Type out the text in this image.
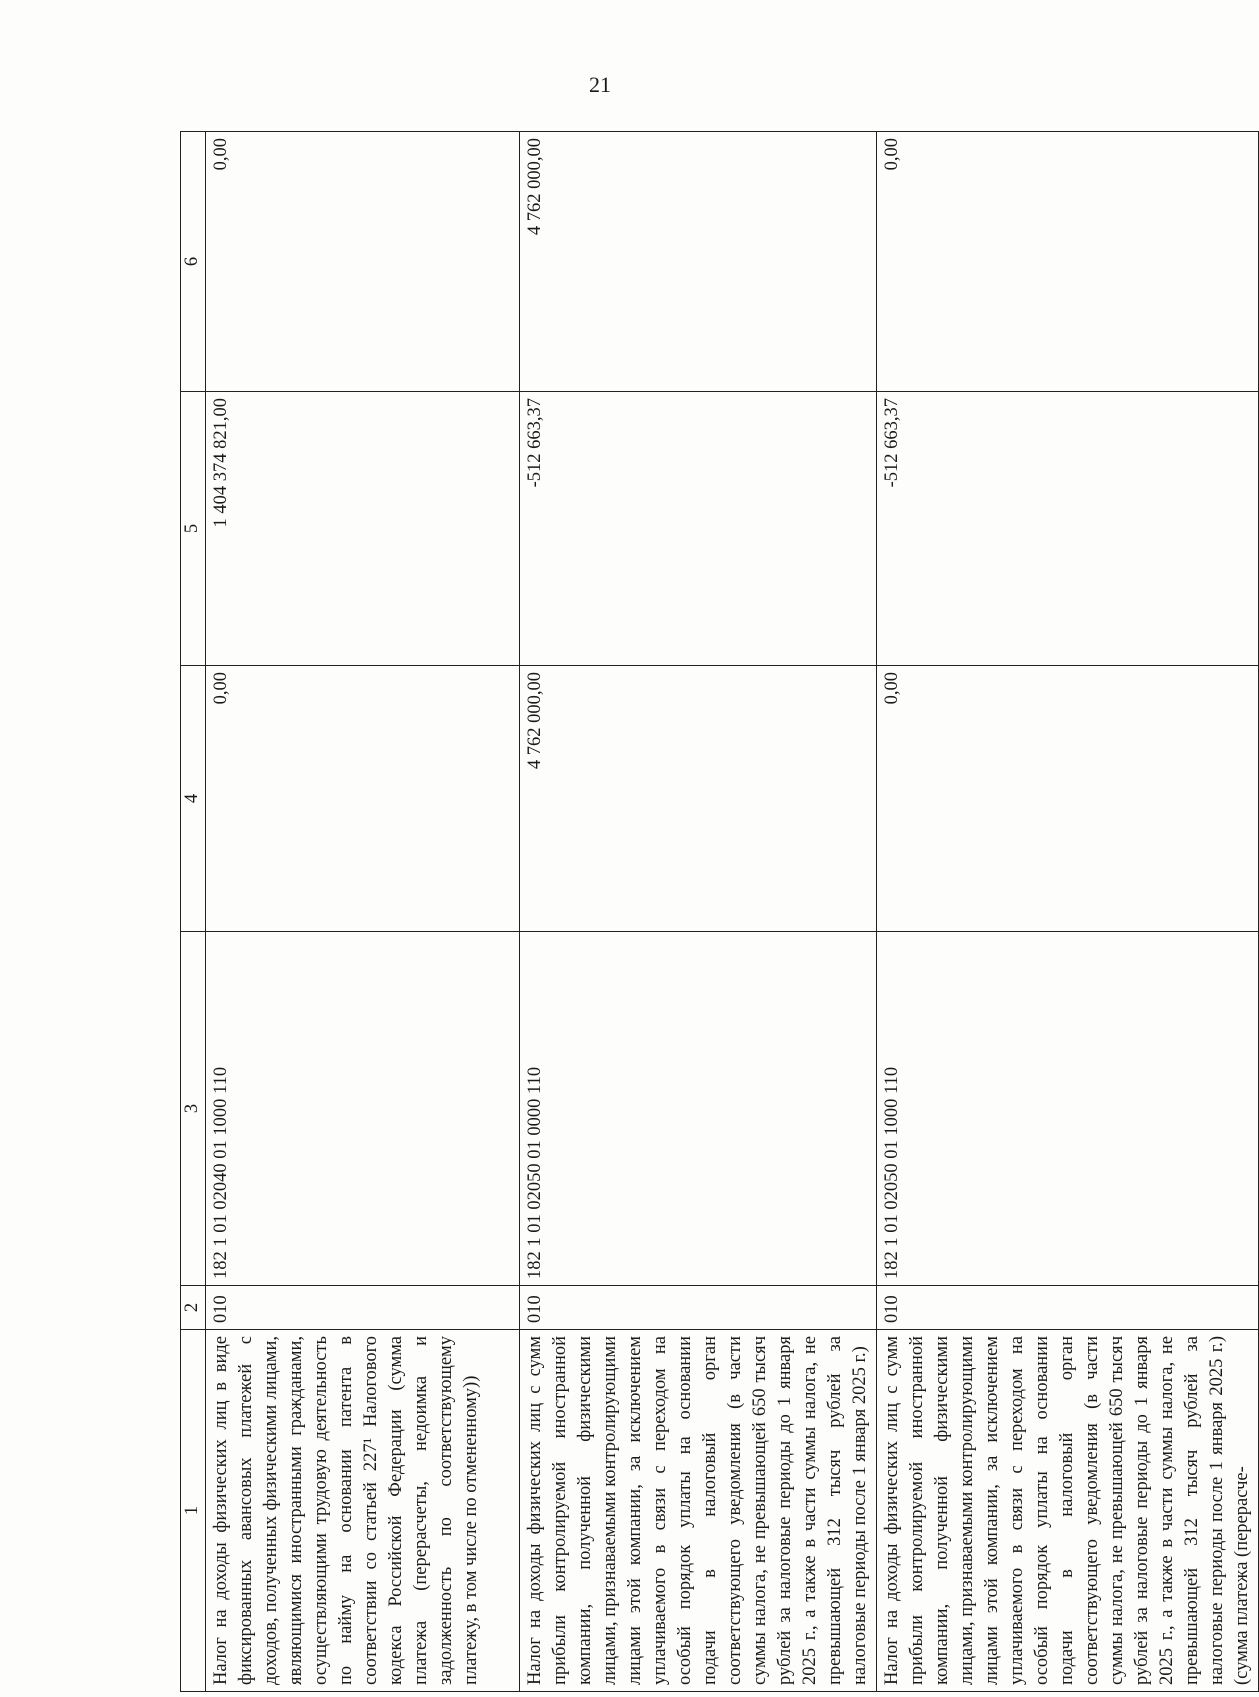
21
1	2	3	4	5	6
Налог на доходы физических лиц в виде фиксированных авансовых платежей с доходов, полученных физическими лицами, являющимися иностранными гражданами, осуществляющими трудовую деятельность по найму на основании патента в соответствии со статьей 227¹ Налогового кодекса Российской Федерации (сумма платежа (перерасчеты, недоимка и задолженность по соответствующему платежу, в том числе по отмененному))	010	182 1 01 02040 01 1000 110	0,00	1 404 374 821,00	0,00
Налог на доходы физических лиц с сумм прибыли контролируемой иностранной компании, полученной физическими лицами, признаваемыми контролирующими лицами этой компании, за исключением уплачиваемого в связи с переходом на особый порядок уплаты на основании подачи в налоговый орган соответствующего уведомления (в части суммы налога, не превышающей 650 тысяч рублей за налоговые периоды до 1 января 2025 г., а также в части суммы налога, не превышающей 312 тысяч рублей за налоговые периоды после 1 января 2025 г.)	010	182 1 01 02050 01 0000 110	4 762 000,00	-512 663,37	4 762 000,00
Налог на доходы физических лиц с сумм прибыли контролируемой иностранной компании, полученной физическими лицами, признаваемыми контролирующими лицами этой компании, за исключением уплачиваемого в связи с переходом на особый порядок уплаты на основании подачи в налоговый орган соответствующего уведомления (в части суммы налога, не превышающей 650 тысяч рублей за налоговые периоды до 1 января 2025 г., а также в части суммы налога, не превышающей 312 тысяч рублей за налоговые периоды после 1 января 2025 г.) (сумма платежа (перерасче-	010	182 1 01 02050 01 1000 110	0,00	-512 663,37	0,00
